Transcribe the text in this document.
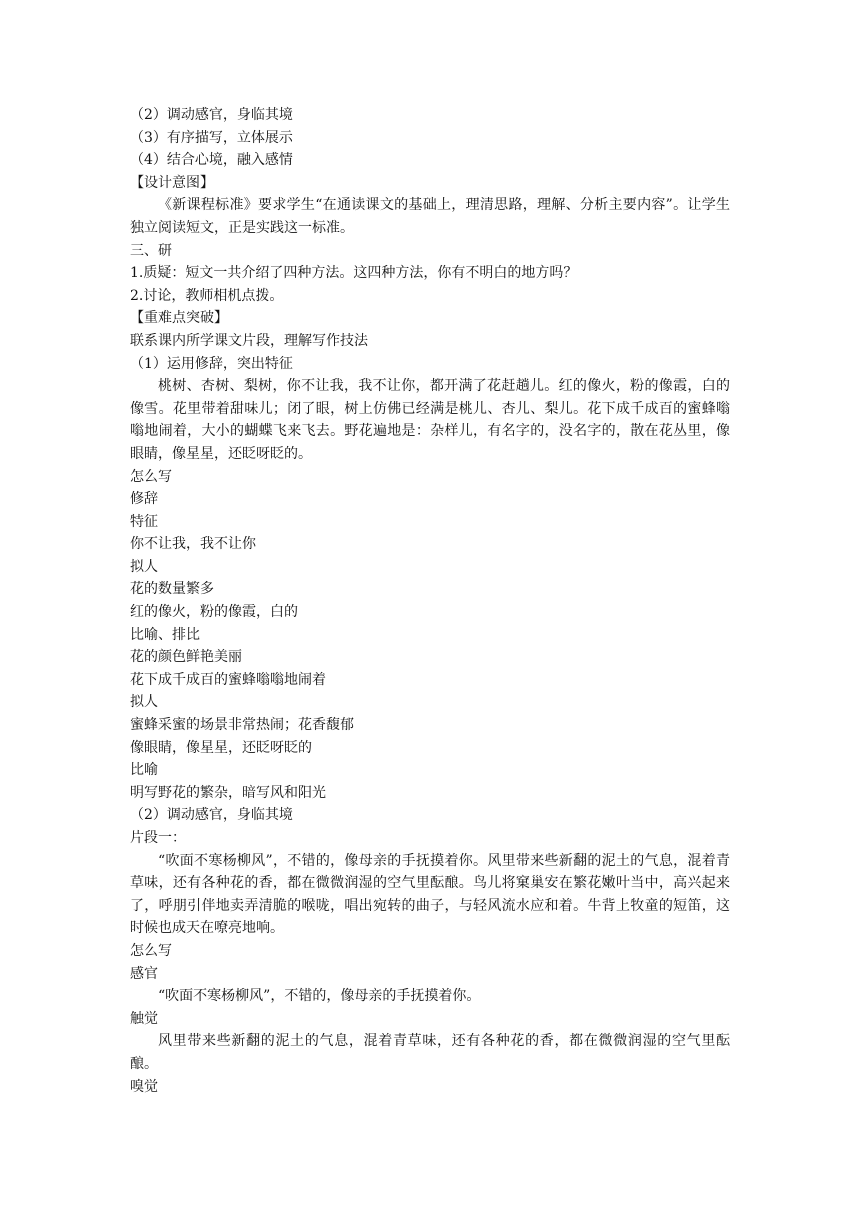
（2）调动感官，身临其境
（3）有序描写，立体展示
（4）结合心境，融入感情
【设计意图】
《新课程标准》要求学生“在通读课文的基础上，理清思路，理解、分析主要内容”。让学生独立阅读短文，正是实践这一标准。
三、研
1.质疑：短文一共介绍了四种方法。这四种方法，你有不明白的地方吗？
2.讨论，教师相机点拨。
【重难点突破】
联系课内所学课文片段，理解写作技法
（1）运用修辞，突出特征
桃树、杏树、梨树，你不让我，我不让你，都开满了花赶趟儿。红的像火，粉的像霞，白的像雪。花里带着甜味儿；闭了眼，树上仿佛已经满是桃儿、杏儿、梨儿。花下成千成百的蜜蜂嗡嗡地闹着，大小的蝴蝶飞来飞去。野花遍地是：杂样儿，有名字的，没名字的，散在花丛里，像眼睛，像星星，还眨呀眨的。
怎么写
修辞
特征
你不让我，我不让你
拟人
花的数量繁多
红的像火，粉的像霞，白的
比喻、排比
花的颜色鲜艳美丽
花下成千成百的蜜蜂嗡嗡地闹着
拟人
蜜蜂采蜜的场景非常热闹；花香馥郁
像眼睛，像星星，还眨呀眨的
比喻
明写野花的繁杂，暗写风和阳光
（2）调动感官，身临其境
片段一：
“吹面不寒杨柳风”，不错的，像母亲的手抚摸着你。风里带来些新翻的泥土的气息，混着青草味，还有各种花的香，都在微微润湿的空气里酝酿。鸟儿将窠巢安在繁花嫩叶当中，高兴起来了，呼朋引伴地卖弄清脆的喉咙，唱出宛转的曲子，与轻风流水应和着。牛背上牧童的短笛，这时候也成天在嘹亮地响。
怎么写
感官
“吹面不寒杨柳风”，不错的，像母亲的手抚摸着你。
触觉
风里带来些新翻的泥土的气息，混着青草味，还有各种花的香，都在微微润湿的空气里酝酿。
嗅觉
